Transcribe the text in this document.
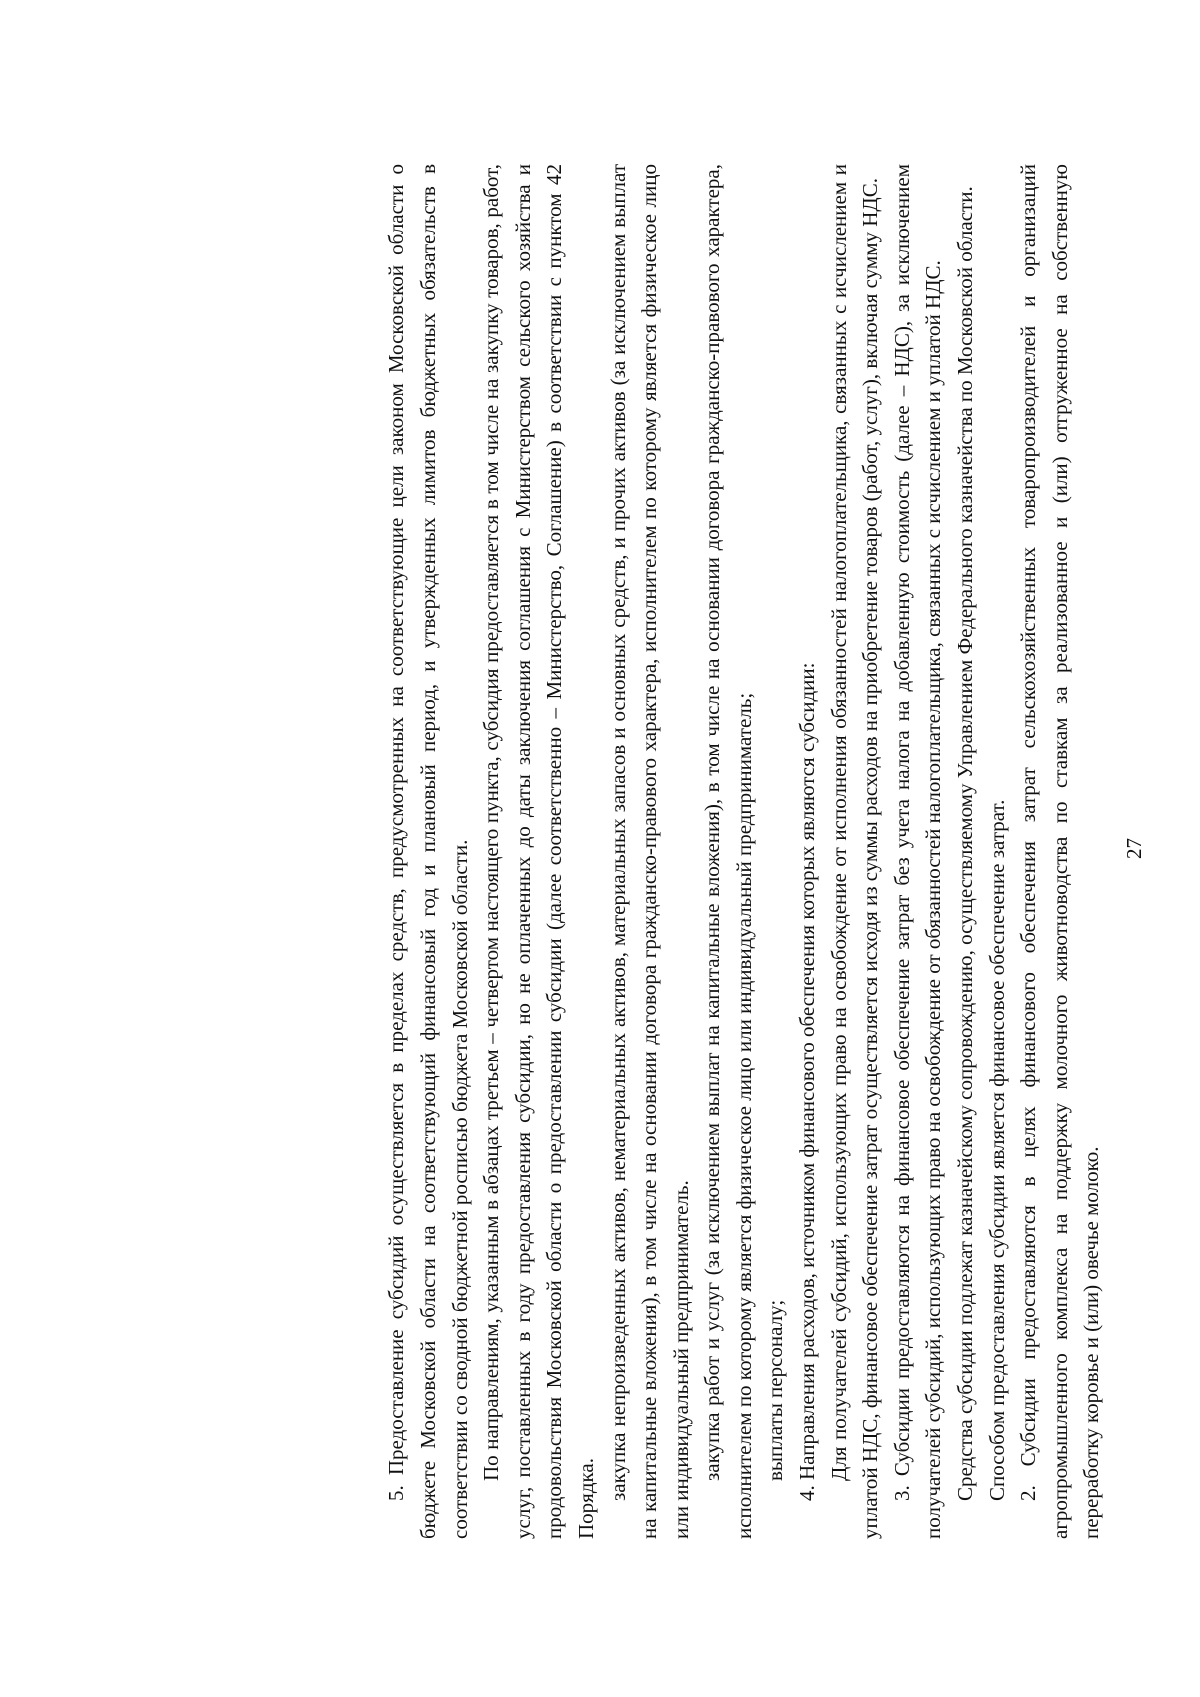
27

2. Субсидии предоставляются в целях финансового обеспечения затрат сельскохозяйственных товаропроизводителей и организаций агропромышленного комплекса на поддержку молочного животноводства по ставкам за реализованное и (или) отгруженное на собственную переработку коровье и (или) овечье молоко.

Способом предоставления субсидии является финансовое обеспечение затрат.

Средства субсидии подлежат казначейскому сопровождению, осуществляемому Управлением Федерального казначейства по Московской области.

3. Субсидии предоставляются на финансовое обеспечение затрат без учета налога на добавленную стоимость (далее – НДС), за исключением получателей субсидий, использующих право на освобождение от обязанностей налогоплательщика, связанных с исчислением и уплатой НДС.

Для получателей субсидий, использующих право на освобождение от исполнения обязанностей налогоплательщика, связанных с исчислением и уплатой НДС, финансовое обеспечение затрат осуществляется исходя из суммы расходов на приобретение товаров (работ, услуг), включая сумму НДС.

4. Направления расходов, источником финансового обеспечения которых являются субсидии:

выплаты персоналу;

закупка работ и услуг (за исключением выплат на капитальные вложения), в том числе на основании договора гражданско-правового характера, исполнителем по которому является физическое лицо или индивидуальный предприниматель;

закупка непроизведенных активов, нематериальных активов, материальных запасов и основных средств, и прочих активов (за исключением выплат на капитальные вложения), в том числе на основании договора гражданско-правового характера, исполнителем по которому является физическое лицо или индивидуальный предприниматель.

По направлениям, указанным в абзацах третьем – четвертом настоящего пункта, субсидия предоставляется в том числе на закупку товаров, работ, услуг, поставленных в году предоставления субсидии, но не оплаченных до даты заключения соглашения с Министерством сельского хозяйства и продовольствия Московской области о предоставлении субсидии (далее соответственно – Министерство, Соглашение) в соответствии с пунктом 42 Порядка.

5. Предоставление субсидий осуществляется в пределах средств, предусмотренных на соответствующие цели законом Московской области о бюджете Московской области на соответствующий финансовый год и плановый период, и утвержденных лимитов бюджетных обязательств в соответствии со сводной бюджетной росписью бюджета Московской области.
